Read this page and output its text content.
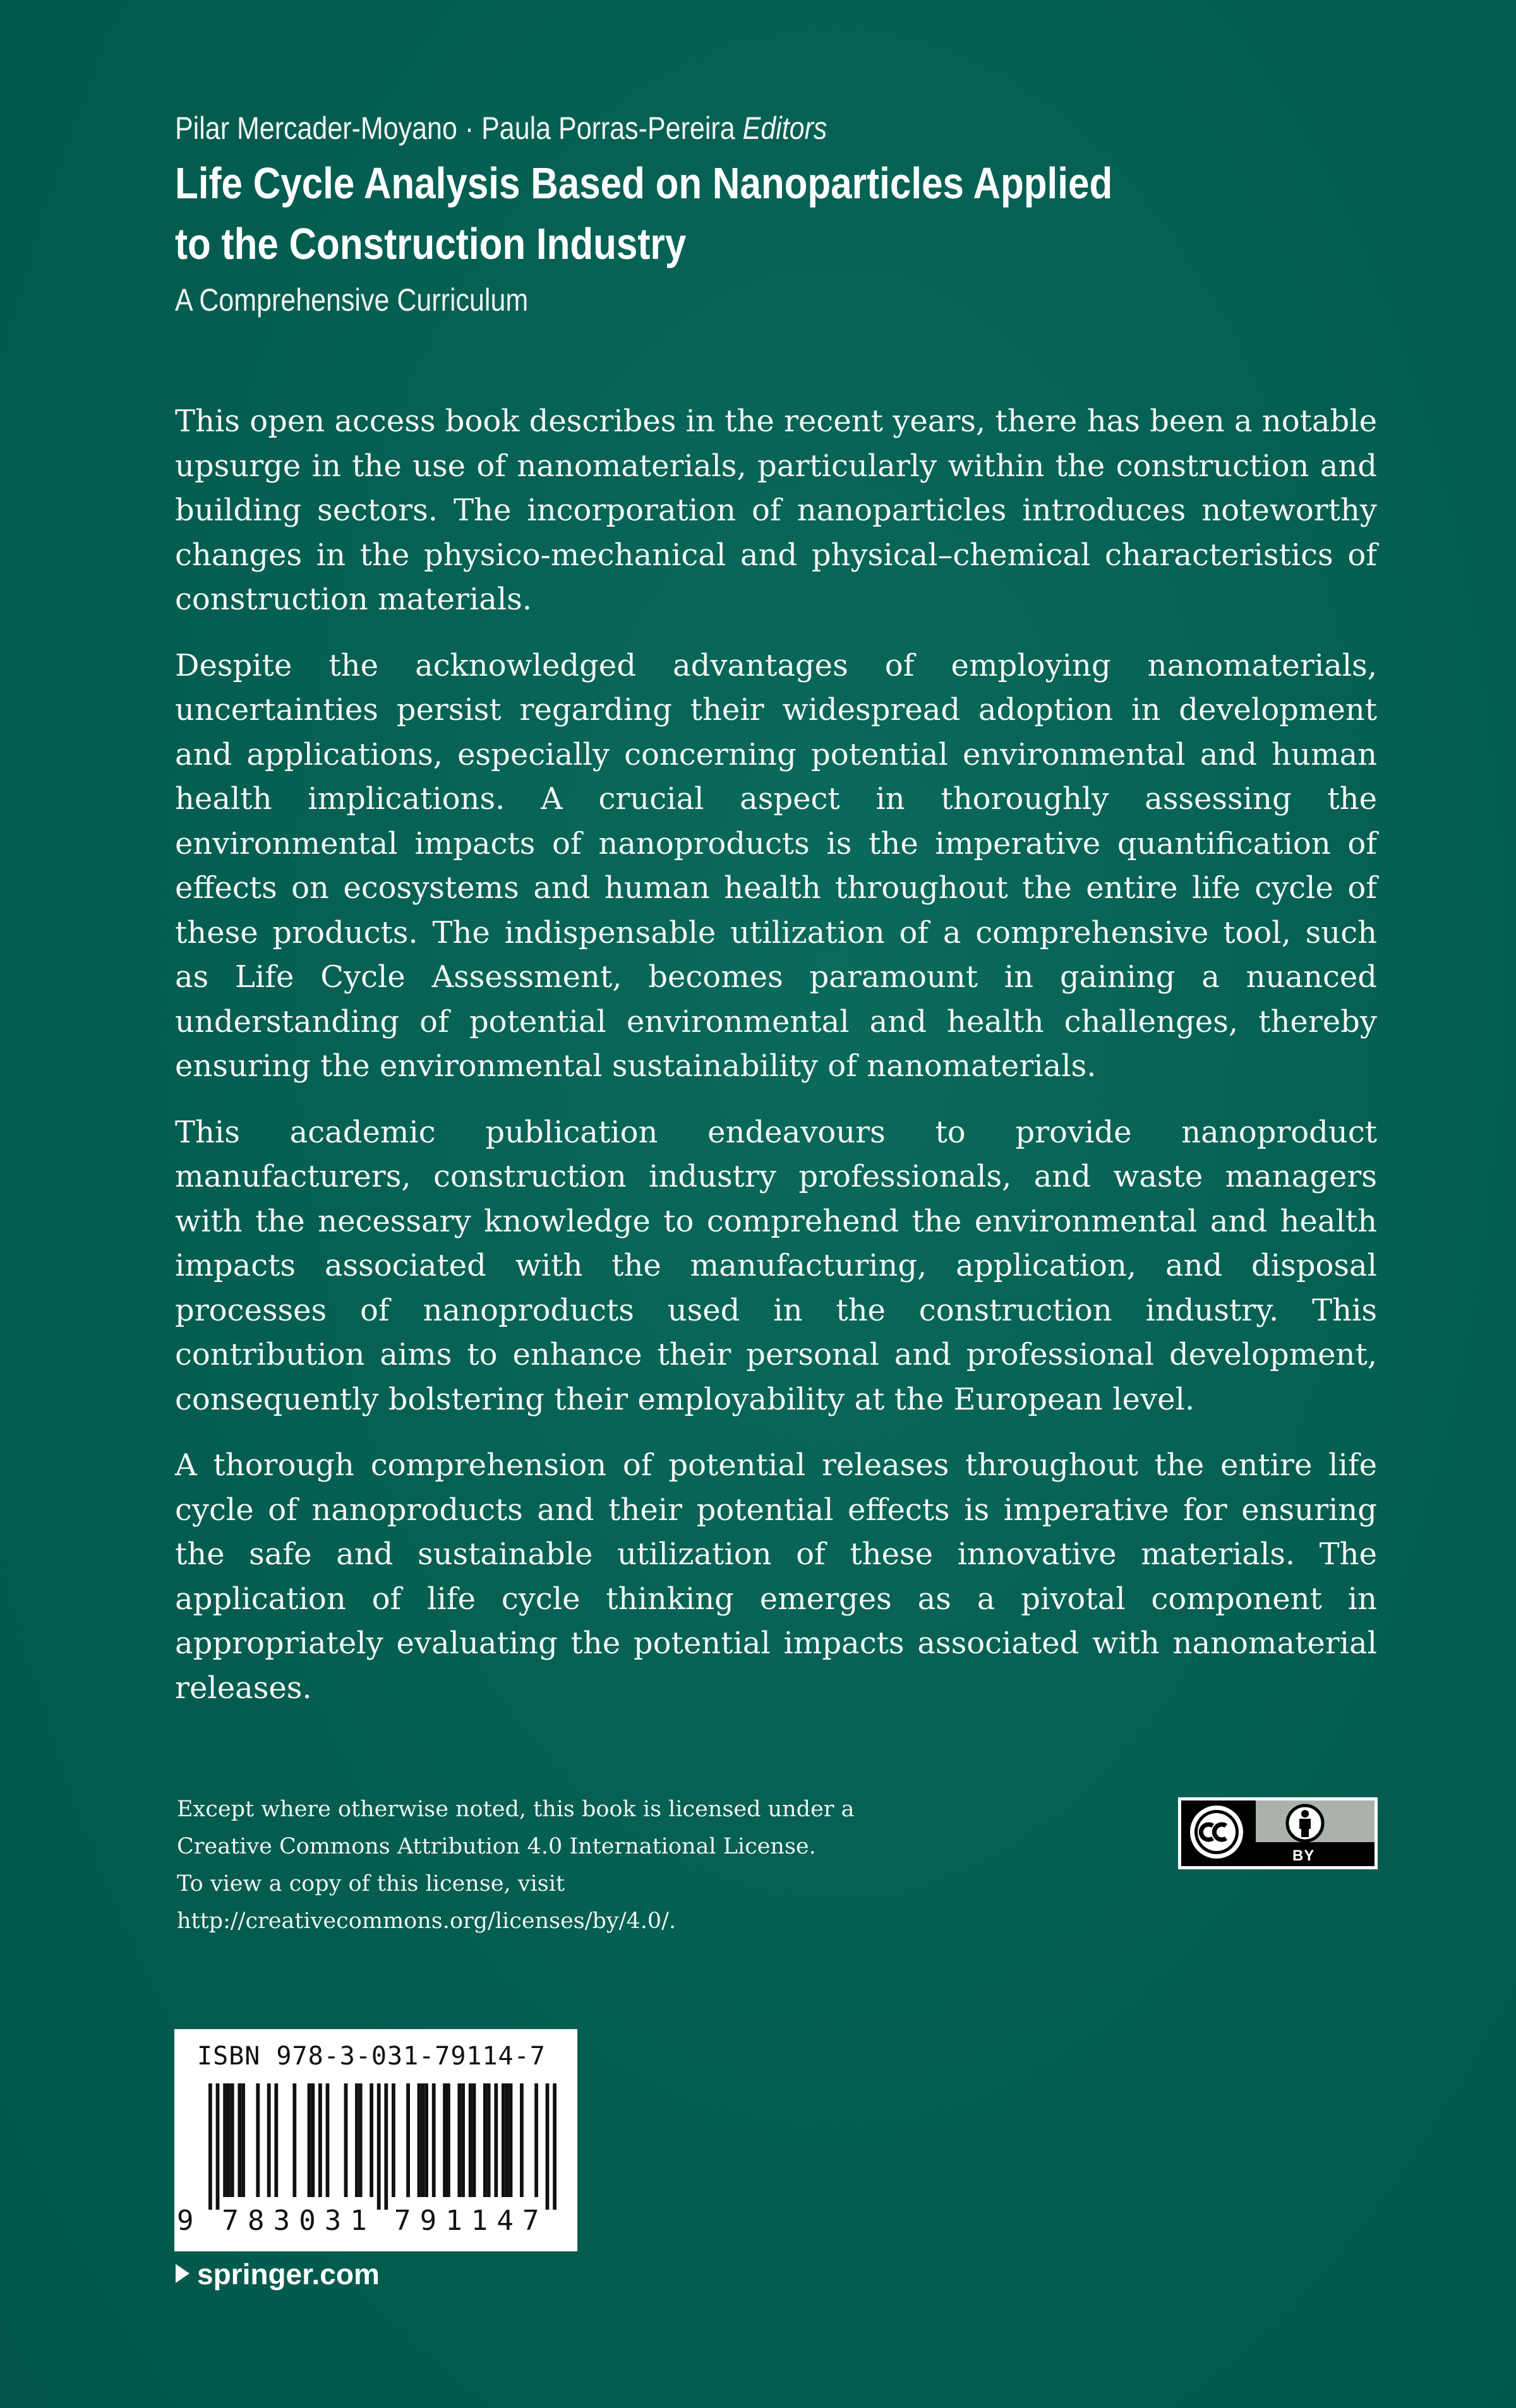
Pilar Mercader-Moyano · Paula Porras-Pereira Editors
Life Cycle Analysis Based on Nanoparticles Applied
to the Construction Industry
A Comprehensive Curriculum

This open access book describes in the recent years, there has been a notable upsurge in the use of nanomaterials, particularly within the construction and building sectors. The incorporation of nanoparticles introduces noteworthy changes in the physico-mechanical and physical–chemical characteristics of construction materials.

Despite the acknowledged advantages of employing nanomaterials, uncertainties persist regarding their widespread adoption in development and applications, especially concerning potential environmental and human health implications. A crucial aspect in thoroughly assessing the environmental impacts of nanoproducts is the imperative quantification of effects on ecosystems and human health throughout the entire life cycle of these products. The indispensable utilization of a comprehensive tool, such as Life Cycle Assessment, becomes paramount in gaining a nuanced understanding of potential environmental and health challenges, thereby ensuring the environmental sustainability of nanomaterials.

This academic publication endeavours to provide nanoproduct manufacturers, construction industry professionals, and waste managers with the necessary knowledge to comprehend the environmental and health impacts associated with the manufacturing, application, and disposal processes of nanoproducts used in the construction industry. This contribution aims to enhance their personal and professional development, consequently bolstering their employability at the European level.

A thorough comprehension of potential releases throughout the entire life cycle of nanoproducts and their potential effects is imperative for ensuring the safe and sustainable utilization of these innovative materials. The application of life cycle thinking emerges as a pivotal component in appropriately evaluating the potential impacts associated with nanomaterial releases.

Except where otherwise noted, this book is licensed under a
Creative Commons Attribution 4.0 International License.
To view a copy of this license, visit
http://creativecommons.org/licenses/by/4.0/.
BY
ISBN 978-3-031-79114-7
9 7 8 3 0 3 1 7 9 1 1 4 7
springer.com
